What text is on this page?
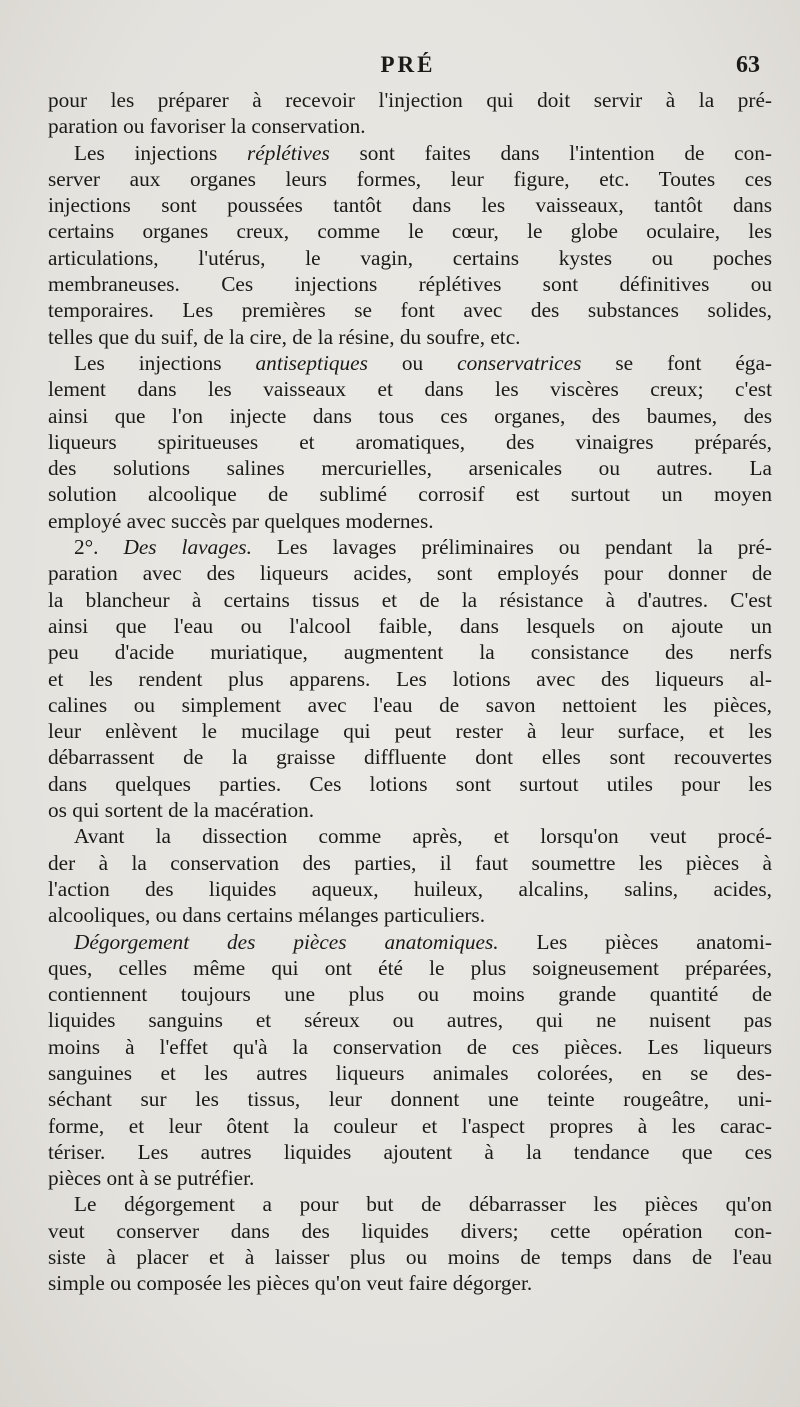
PRÉ	63
pour les préparer à recevoir l'injection qui doit servir à la pré-
paration ou favoriser la conservation.
Les injections réplétives sont faites dans l'intention de con-
server aux organes leurs formes, leur figure, etc. Toutes ces
injections sont poussées tantôt dans les vaisseaux, tantôt dans
certains organes creux, comme le cœur, le globe oculaire, les
articulations, l'utérus, le vagin, certains kystes ou poches
membraneuses. Ces injections réplétives sont définitives ou
temporaires. Les premières se font avec des substances solides,
telles que du suif, de la cire, de la résine, du soufre, etc.
Les injections antiseptiques ou conservatrices se font éga-
lement dans les vaisseaux et dans les viscères creux; c'est
ainsi que l'on injecte dans tous ces organes, des baumes, des
liqueurs spiritueuses et aromatiques, des vinaigres préparés,
des solutions salines mercurielles, arsenicales ou autres. La
solution alcoolique de sublimé corrosif est surtout un moyen
employé avec succès par quelques modernes.
2°. Des lavages. Les lavages préliminaires ou pendant la pré-
paration avec des liqueurs acides, sont employés pour donner de
la blancheur à certains tissus et de la résistance à d'autres. C'est
ainsi que l'eau ou l'alcool faible, dans lesquels on ajoute un
peu d'acide muriatique, augmentent la consistance des nerfs
et les rendent plus apparens. Les lotions avec des liqueurs al-
calines ou simplement avec l'eau de savon nettoient les pièces,
leur enlèvent le mucilage qui peut rester à leur surface, et les
débarrassent de la graisse diffluente dont elles sont recouvertes
dans quelques parties. Ces lotions sont surtout utiles pour les
os qui sortent de la macération.
Avant la dissection comme après, et lorsqu'on veut procé-
der à la conservation des parties, il faut soumettre les pièces à
l'action des liquides aqueux, huileux, alcalins, salins, acides,
alcooliques, ou dans certains mélanges particuliers.
Dégorgement des pièces anatomiques. Les pièces anatomi-
ques, celles même qui ont été le plus soigneusement préparées,
contiennent toujours une plus ou moins grande quantité de
liquides sanguins et séreux ou autres, qui ne nuisent pas
moins à l'effet qu'à la conservation de ces pièces. Les liqueurs
sanguines et les autres liqueurs animales colorées, en se des-
séchant sur les tissus, leur donnent une teinte rougeâtre, uni-
forme, et leur ôtent la couleur et l'aspect propres à les carac-
tériser. Les autres liquides ajoutent à la tendance que ces
pièces ont à se putréfier.
Le dégorgement a pour but de débarrasser les pièces qu'on
veut conserver dans des liquides divers; cette opération con-
siste à placer et à laisser plus ou moins de temps dans de l'eau
simple ou composée les pièces qu'on veut faire dégorger.
